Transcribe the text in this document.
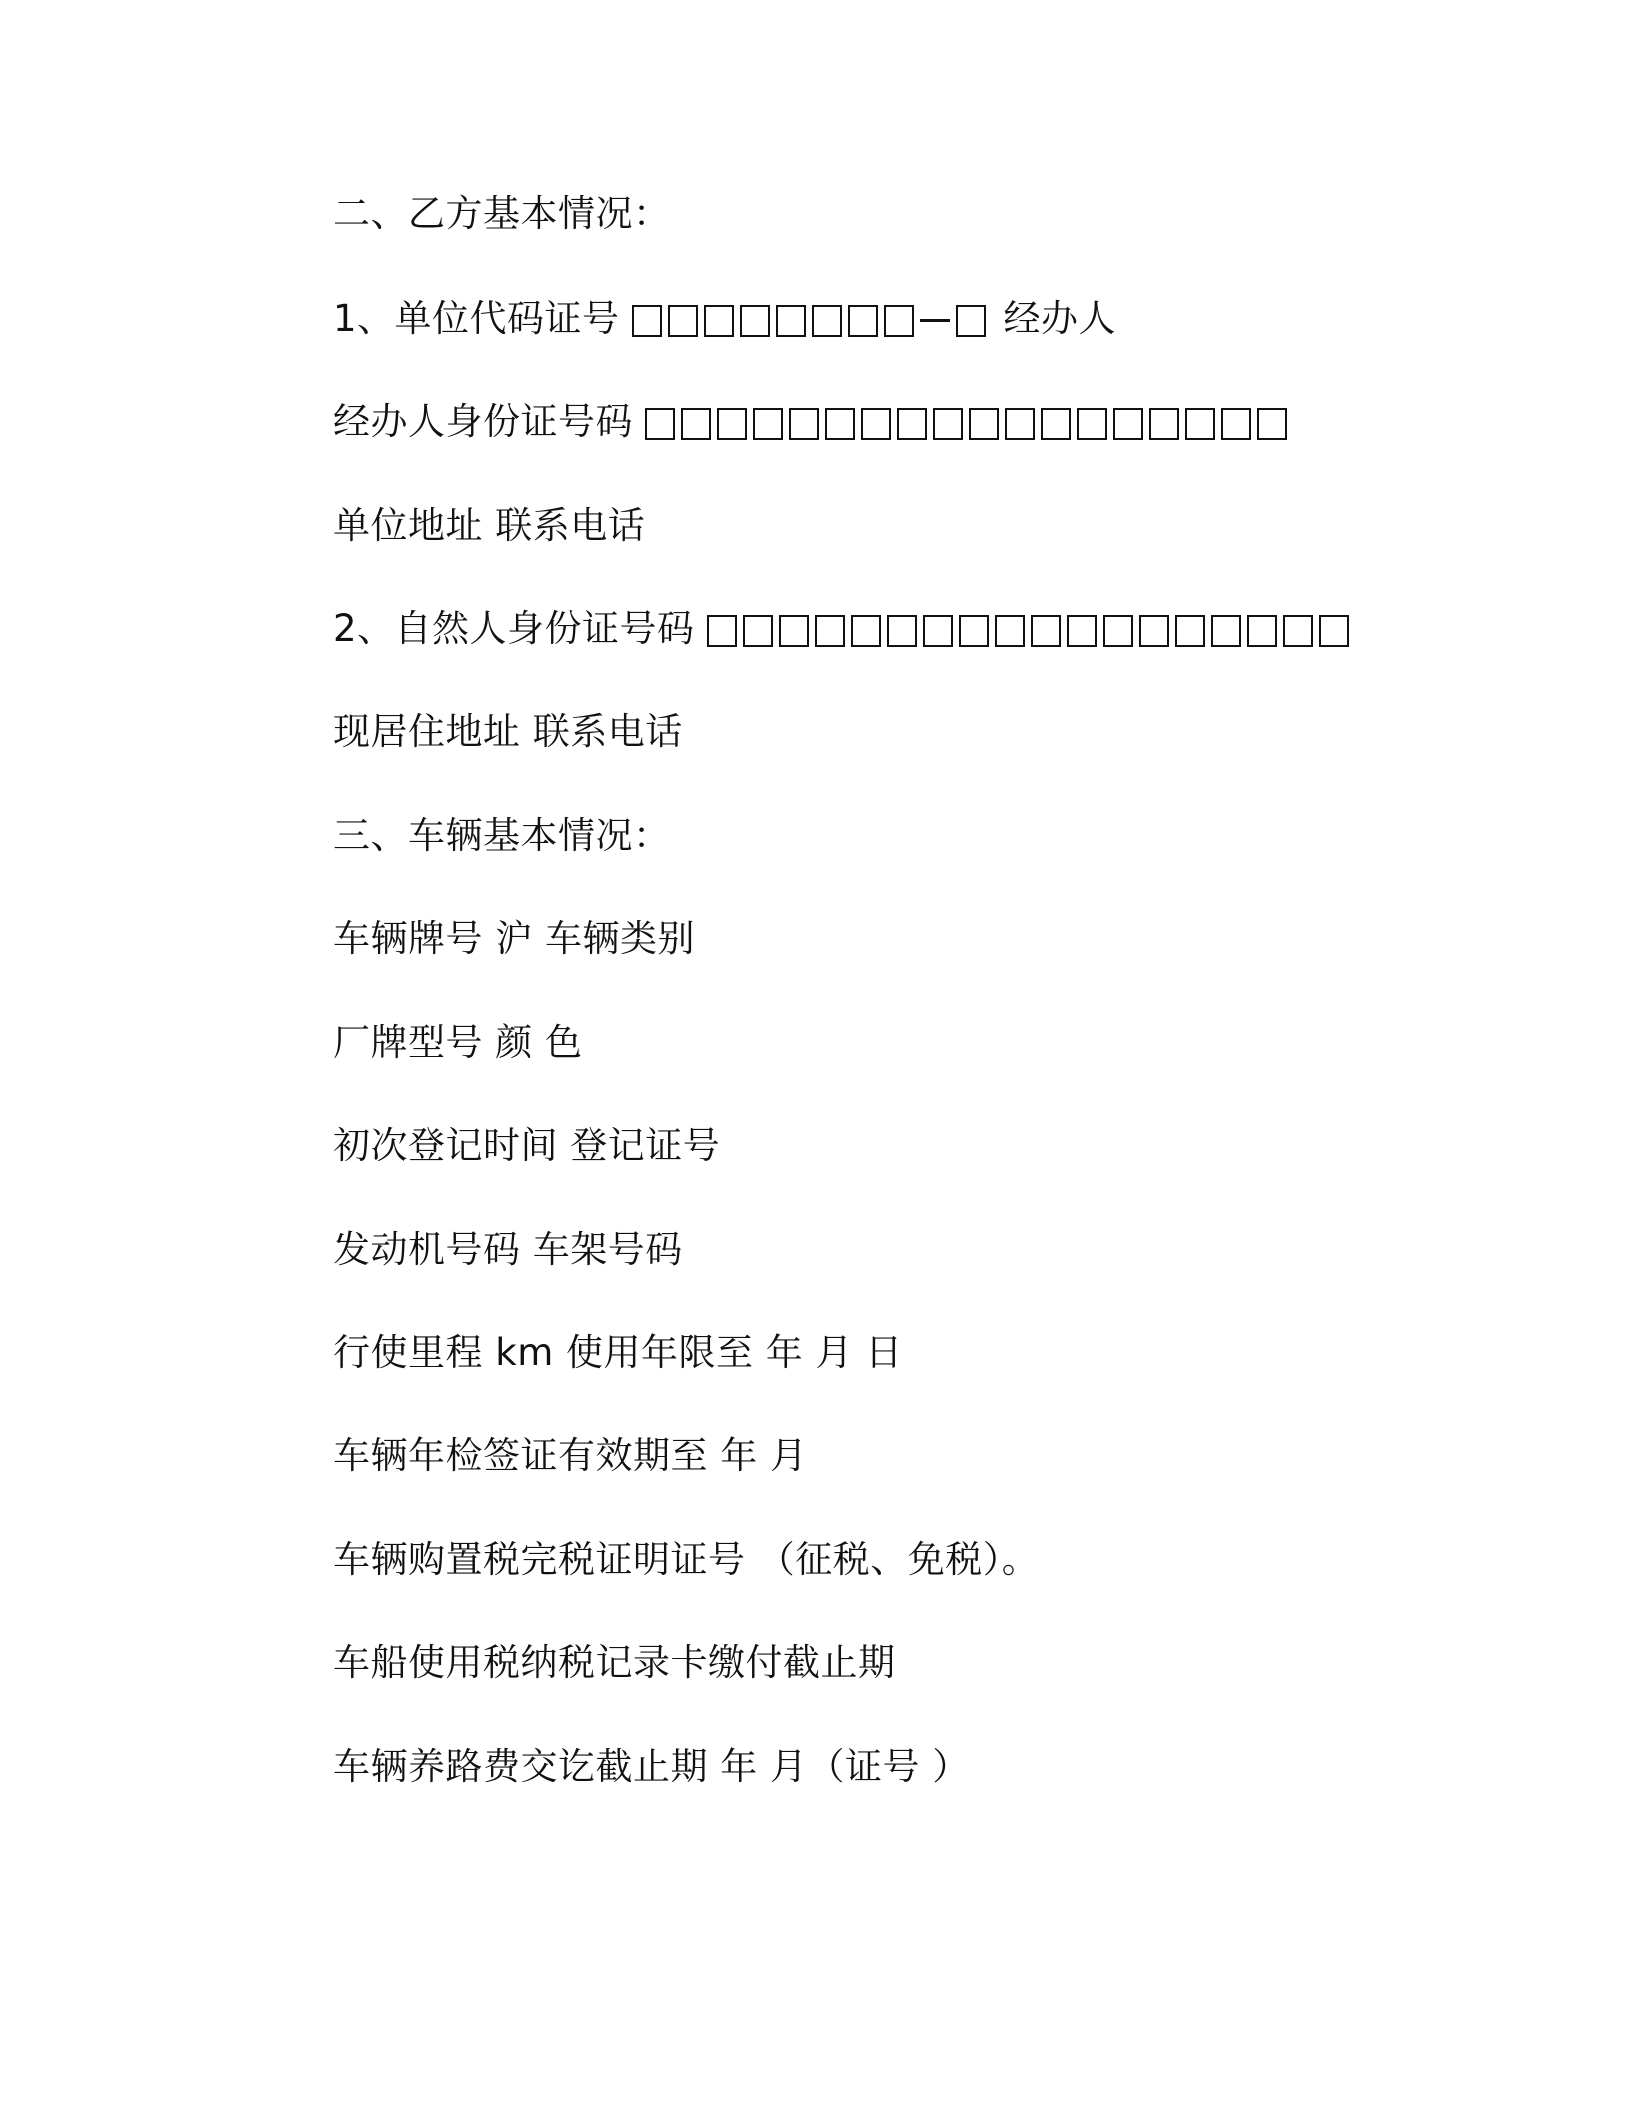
二、乙方基本情况：
1、单位代码证号	经办人
经办人身份证号码
单位地址 联系电话
2、自然人身份证号码
现居住地址 联系电话
三、车辆基本情况：
车辆牌号 沪 车辆类别
厂牌型号 颜 色
初次登记时间 登记证号
发动机号码 车架号码
行使里程 km 使用年限至 年 月 日
车辆年检签证有效期至 年 月
车辆购置税完税证明证号 （征税、免税）。
车船使用税纳税记录卡缴付截止期
车辆养路费交讫截止期 年 月（证号 ）
